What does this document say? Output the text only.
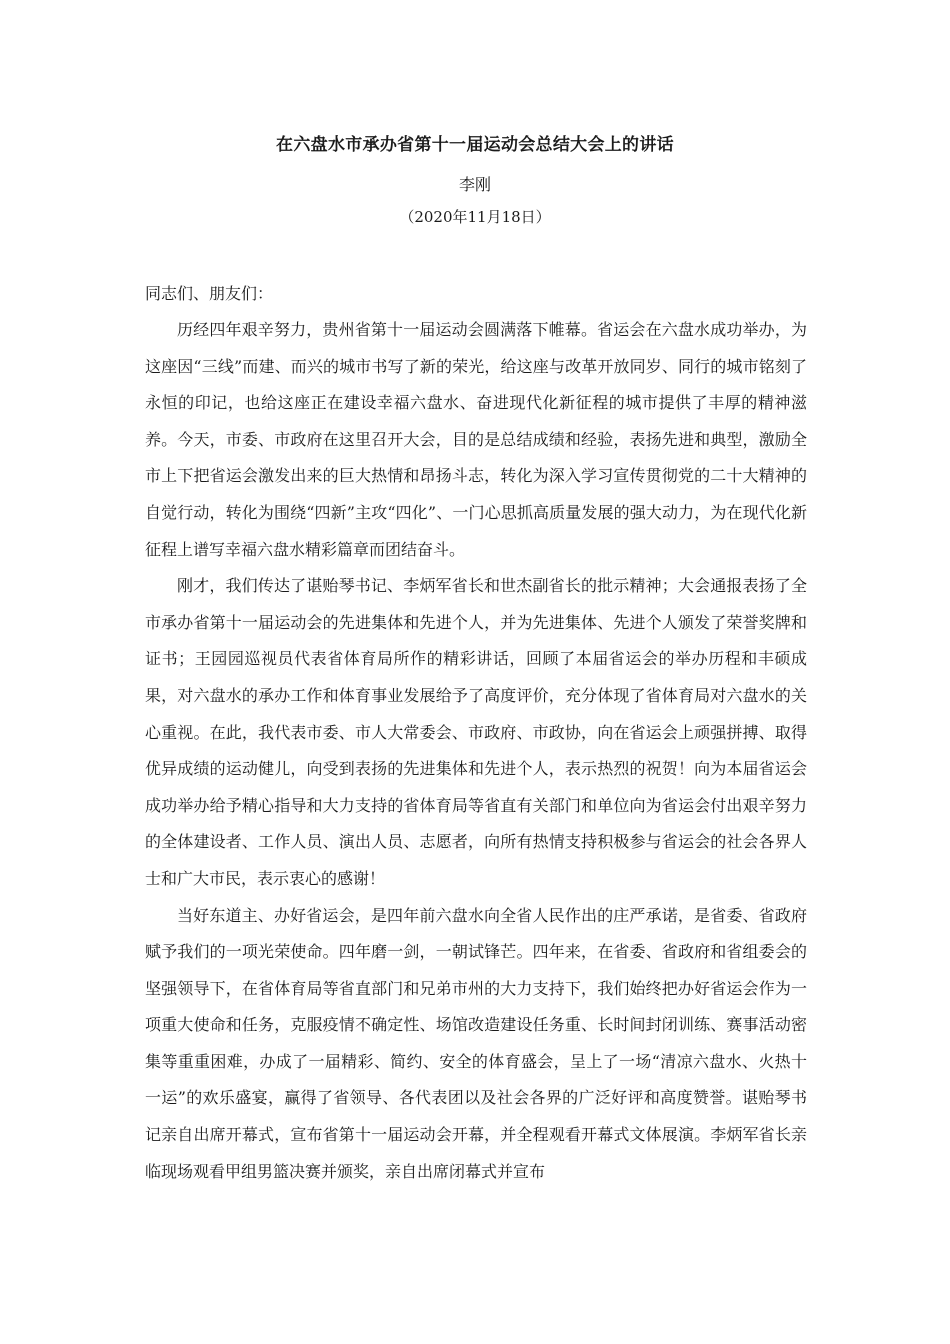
在六盘水市承办省第十一届运动会总结大会上的讲话
李刚
（2020年11月18日）

同志们、朋友们：

历经四年艰辛努力，贵州省第十一届运动会圆满落下帷幕。省运会在六盘水成功举办，为这座因“三线”而建、而兴的城市书写了新的荣光，给这座与改革开放同岁、同行的城市铭刻了永恒的印记，也给这座正在建设幸福六盘水、奋进现代化新征程的城市提供了丰厚的精神滋养。今天，市委、市政府在这里召开大会，目的是总结成绩和经验，表扬先进和典型，激励全市上下把省运会激发出来的巨大热情和昂扬斗志，转化为深入学习宣传贯彻党的二十大精神的自觉行动，转化为围绕“四新”主攻“四化”、一门心思抓高质量发展的强大动力，为在现代化新征程上谱写幸福六盘水精彩篇章而团结奋斗。

刚才，我们传达了谌贻琴书记、李炳军省长和世杰副省长的批示精神；大会通报表扬了全市承办省第十一届运动会的先进集体和先进个人，并为先进集体、先进个人颁发了荣誉奖牌和证书；王园园巡视员代表省体育局所作的精彩讲话，回顾了本届省运会的举办历程和丰硕成果，对六盘水的承办工作和体育事业发展给予了高度评价，充分体现了省体育局对六盘水的关心重视。在此，我代表市委、市人大常委会、市政府、市政协，向在省运会上顽强拼搏、取得优异成绩的运动健儿，向受到表扬的先进集体和先进个人，表示热烈的祝贺！向为本届省运会成功举办给予精心指导和大力支持的省体育局等省直有关部门和单位向为省运会付出艰辛努力的全体建设者、工作人员、演出人员、志愿者，向所有热情支持积极参与省运会的社会各界人士和广大市民，表示衷心的感谢！

当好东道主、办好省运会，是四年前六盘水向全省人民作出的庄严承诺，是省委、省政府赋予我们的一项光荣使命。四年磨一剑，一朝试锋芒。四年来，在省委、省政府和省组委会的坚强领导下，在省体育局等省直部门和兄弟市州的大力支持下，我们始终把办好省运会作为一项重大使命和任务，克服疫情不确定性、场馆改造建设任务重、长时间封闭训练、赛事活动密集等重重困难，办成了一届精彩、简约、安全的体育盛会，呈上了一场“清凉六盘水、火热十一运”的欢乐盛宴，赢得了省领导、各代表团以及社会各界的广泛好评和高度赞誉。谌贻琴书记亲自出席开幕式，宣布省第十一届运动会开幕，并全程观看开幕式文体展演。李炳军省长亲临现场观看甲组男篮决赛并颁奖，亲自出席闭幕式并宣布
